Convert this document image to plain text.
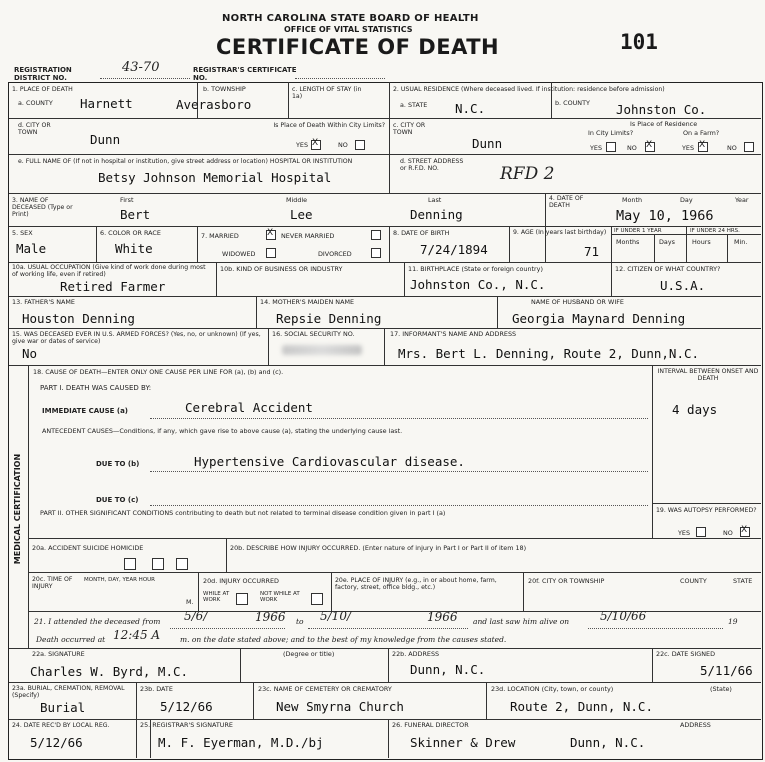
NORTH CAROLINA STATE BOARD OF HEALTH
OFFICE OF VITAL STATISTICS
CERTIFICATE OF DEATH	101
REGISTRATION DISTRICT NO.
43-70	REGISTRAR'S CERTIFICATE NO.
1. PLACE OF DEATH
a. COUNTY Harnett
b. TOWNSHIP
Averasboro
c. LENGTH OF STAY (in 1a)
2. USUAL RESIDENCE (Where deceased lived. If institution: residence before admission)
a. STATE N.C.	b. COUNTY Johnston Co.
d. CITY OR TOWN	Dunn
Is Place of Death Within City Limits?
YES X	NO
c. CITY OR TOWN
Dunn
Is Place of Residence
In City Limits?	On a Farm?
YES	NO X	YES X	NO
e. FULL NAME OF (If not in hospital or institution, give street address or location) HOSPITAL OR INSTITUTION
Betsy Johnson Memorial Hospital
d. STREET ADDRESS or R.F.D. NO.	RFD 2
3. NAME OF DECEASED (Type or Print)
First	Middle	Last
Bert	Lee	Denning
4. DATE OF DEATH
Month	Day	Year
May 10, 1966
5. SEX
Male
6. COLOR OR RACE
White
7. MARRIED	X NEVER MARRIED
WIDOWED	DIVORCED
8. DATE OF BIRTH
7/24/1894
9. AGE (In years last birthday)
71
IF UNDER 1 YEAR	IF UNDER 24 HRS.
Months	Days	Hours	Min.
10a. USUAL OCCUPATION (Give kind of work done during most of working life, even if retired)
Retired Farmer
10b. KIND OF BUSINESS OR INDUSTRY	11. BIRTHPLACE (State or foreign country)
Johnston Co., N.C.
12. CITIZEN OF WHAT COUNTRY?
U.S.A.
13. FATHER'S NAME
Houston Denning
14. MOTHER'S MAIDEN NAME
Repsie Denning
NAME OF HUSBAND OR WIFE
Georgia Maynard Denning
15. WAS DECEASED EVER IN U.S. ARMED FORCES? (Yes, no, or unknown) (If yes, give war or dates of service)
No
16. SOCIAL SECURITY NO.	17. INFORMANT'S NAME AND ADDRESS
Mrs. Bert L. Denning, Route 2, Dunn,N.C.
MEDICAL CERTIFICATION
18. CAUSE OF DEATH—ENTER ONLY ONE CAUSE PER LINE FOR (a), (b) and (c).	INTERVAL BETWEEN ONSET AND DEATH
PART I. DEATH WAS CAUSED BY:
IMMEDIATE CAUSE (a)	Cerebral Accident	4 days
ANTECEDENT CAUSES—Conditions, if any, which gave rise to above cause (a), stating the underlying cause last.
DUE TO (b)	Hypertensive Cardiovascular disease.
DUE TO (c)
PART II. OTHER SIGNIFICANT CONDITIONS contributing to death but not related to terminal disease condition given in part I (a)	19. WAS AUTOPSY PERFORMED?
YES	NO X
20a. ACCIDENT SUICIDE HOMICIDE	20b. DESCRIBE HOW INJURY OCCURRED. (Enter nature of injury in Part I or Part II of item 18)
20c. TIME OF INJURY
MONTH, DAY, YEAR HOUR
M.
20d. INJURY OCCURRED
WHILE AT WORK
NOT WHILE AT WORK
20e. PLACE OF INJURY (e.g., in or about home, farm, factory, street, office bldg., etc.)
20f. CITY OR TOWNSHIP	COUNTY	STATE
21. I attended the deceased from 5/6/	1966 to 5/10/	1966 and last saw him alive on	5/10/66	19
Death occurred at 12:45 A	m. on the date stated above; and to the best of my knowledge from the causes stated.
22a. SIGNATURE	(Degree or title)
Charles W. Byrd, M.C.
22b. ADDRESS
Dunn, N.C.
22c. DATE SIGNED
5/11/66
23a. BURIAL, CREMATION, REMOVAL (Specify)
Burial
23b. DATE
5/12/66
23c. NAME OF CEMETERY OR CREMATORY
New Smyrna Church
23d. LOCATION (City, town, or county)	(State)
Route 2, Dunn, N.C.
24. DATE REC'D BY LOCAL REG.
5/12/66
25. REGISTRAR'S SIGNATURE
M. F. Eyerman, M.D./bj
26. FUNERAL DIRECTOR	ADDRESS
Skinner & Drew	Dunn, N.C.
